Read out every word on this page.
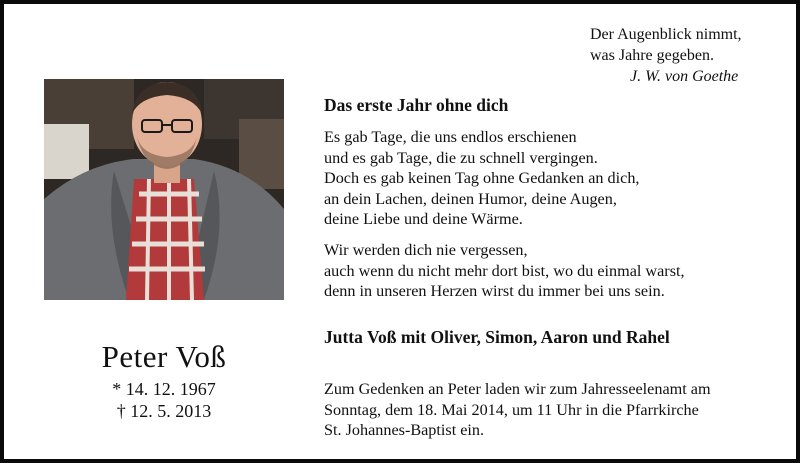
Der Augenblick nimmt,
was Jahre gegeben.
J. W. von Goethe
Peter Voß
* 14. 12. 1967
† 12. 5. 2013
Das erste Jahr ohne dich
Es gab Tage, die uns endlos erschienen
und es gab Tage, die zu schnell vergingen.
Doch es gab keinen Tag ohne Gedanken an dich,
an dein Lachen, deinen Humor, deine Augen,
deine Liebe und deine Wärme.
Wir werden dich nie vergessen,
auch wenn du nicht mehr dort bist, wo du einmal warst,
denn in unseren Herzen wirst du immer bei uns sein.
Jutta Voß mit Oliver, Simon, Aaron und Rahel
Zum Gedenken an Peter laden wir zum Jahresseelenamt am
Sonntag, dem 18. Mai 2014, um 11 Uhr in die Pfarrkirche
St. Johannes-Baptist ein.
